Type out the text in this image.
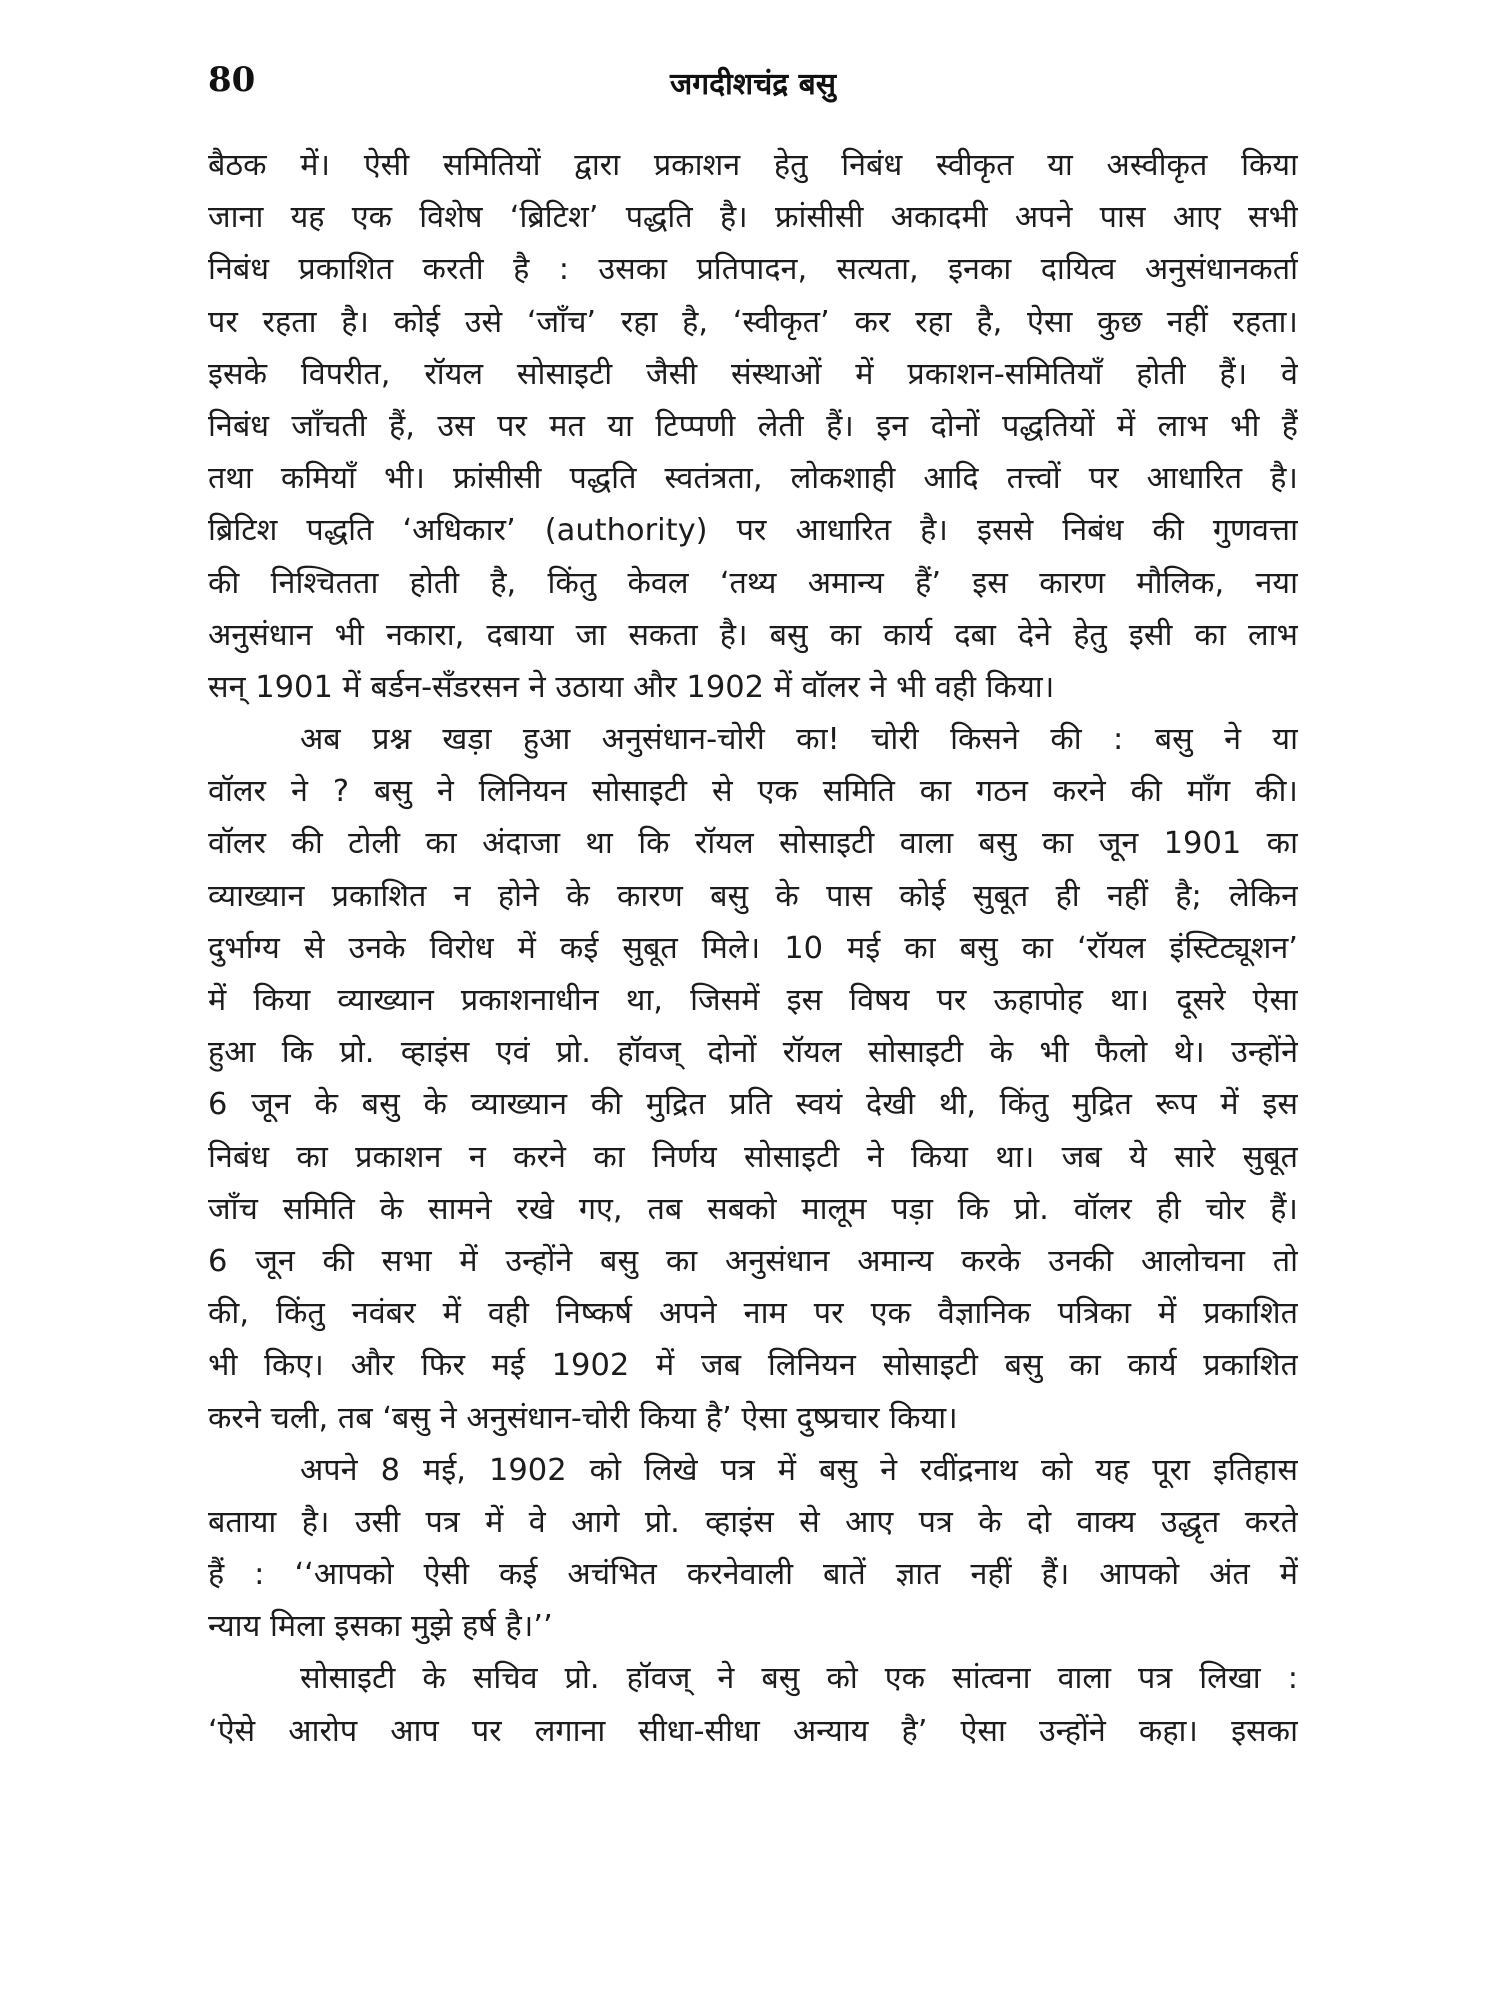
80	जगदीशचंद्र बसु
बैठक में। ऐसी समितियों द्वारा प्रकाशन हेतु निबंध स्वीकृत या अस्वीकृत किया
जाना यह एक विशेष ‘ब्रिटिश’ पद्धति है। फ्रांसीसी अकादमी अपने पास आए सभी
निबंध प्रकाशित करती है : उसका प्रतिपादन, सत्यता, इनका दायित्व अनुसंधानकर्ता
पर रहता है। कोई उसे ‘जाँच’ रहा है, ‘स्वीकृत’ कर रहा है, ऐसा कुछ नहीं रहता।
इसके विपरीत, रॉयल सोसाइटी जैसी संस्थाओं में प्रकाशन-समितियाँ होती हैं। वे
निबंध जाँचती हैं, उस पर मत या टिप्पणी लेती हैं। इन दोनों पद्धतियों में लाभ भी हैं
तथा कमियाँ भी। फ्रांसीसी पद्धति स्वतंत्रता, लोकशाही आदि तत्त्वों पर आधारित है।
ब्रिटिश पद्धति ‘अधिकार’ (authority) पर आधारित है। इससे निबंध की गुणवत्ता
की निश्चितता होती है, किंतु केवल ‘तथ्य अमान्य हैं’ इस कारण मौलिक, नया
अनुसंधान भी नकारा, दबाया जा सकता है। बसु का कार्य दबा देने हेतु इसी का लाभ
सन् 1901 में बर्डन-सॅंडरसन ने उठाया और 1902 में वॉलर ने भी वही किया।
अब प्रश्न खड़ा हुआ अनुसंधान-चोरी का! चोरी किसने की : बसु ने या
वॉलर ने ? बसु ने लिनियन सोसाइटी से एक समिति का गठन करने की माँग की।
वॉलर की टोली का अंदाजा था कि रॉयल सोसाइटी वाला बसु का जून 1901 का
व्याख्यान प्रकाशित न होने के कारण बसु के पास कोई सुबूत ही नहीं है; लेकिन
दुर्भाग्य से उनके विरोध में कई सुबूत मिले। 10 मई का बसु का ‘रॉयल इंस्टिट्यूशन’
में किया व्याख्यान प्रकाशनाधीन था, जिसमें इस विषय पर ऊहापोह था। दूसरे ऐसा
हुआ कि प्रो. व्हाइंस एवं प्रो. हॉवज् दोनों रॉयल सोसाइटी के भी फैलो थे। उन्होंने
6 जून के बसु के व्याख्यान की मुद्रित प्रति स्वयं देखी थी, किंतु मुद्रित रूप में इस
निबंध का प्रकाशन न करने का निर्णय सोसाइटी ने किया था। जब ये सारे सुबूत
जाँच समिति के सामने रखे गए, तब सबको मालूम पड़ा कि प्रो. वॉलर ही चोर हैं।
6 जून की सभा में उन्होंने बसु का अनुसंधान अमान्य करके उनकी आलोचना तो
की, किंतु नवंबर में वही निष्कर्ष अपने नाम पर एक वैज्ञानिक पत्रिका में प्रकाशित
भी किए। और फिर मई 1902 में जब लिनियन सोसाइटी बसु का कार्य प्रकाशित
करने चली, तब ‘बसु ने अनुसंधान-चोरी किया है’ ऐसा दुष्प्रचार किया।
अपने 8 मई, 1902 को लिखे पत्र में बसु ने रवींद्रनाथ को यह पूरा इतिहास
बताया है। उसी पत्र में वे आगे प्रो. व्हाइंस से आए पत्र के दो वाक्य उद्धृत करते
हैं : ‘‘आपको ऐसी कई अचंभित करनेवाली बातें ज्ञात नहीं हैं। आपको अंत में
न्याय मिला इसका मुझे हर्ष है।’’
सोसाइटी के सचिव प्रो. हॉवज् ने बसु को एक सांत्वना वाला पत्र लिखा :
‘ऐसे आरोप आप पर लगाना सीधा-सीधा अन्याय है’ ऐसा उन्होंने कहा। इसका
